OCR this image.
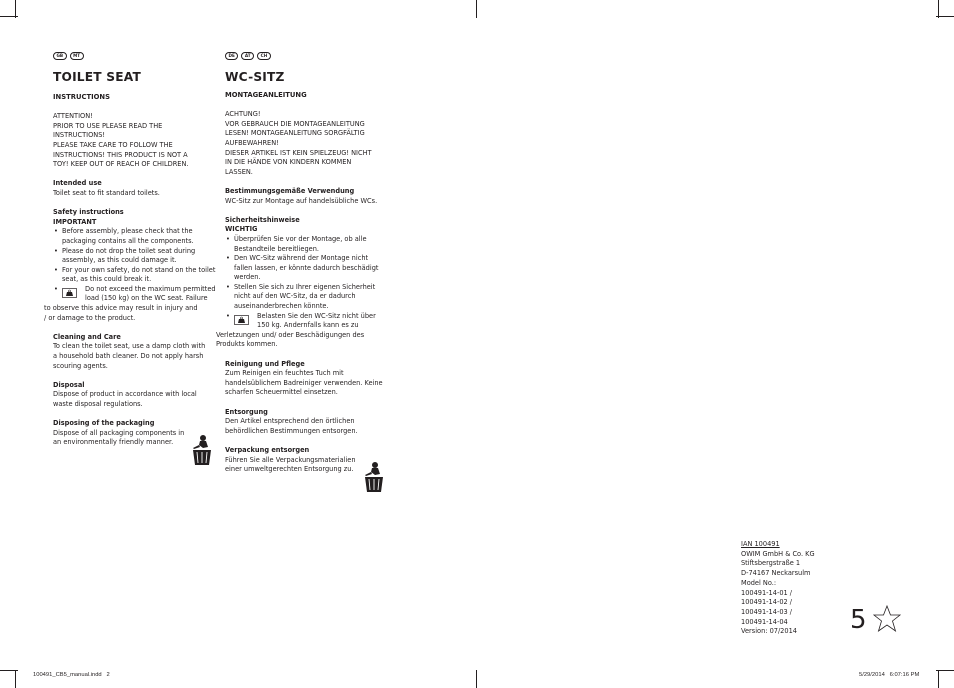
GB	MT
TOILET SEAT
INSTRUCTIONS

ATTENTION!

PRIOR TO USE PLEASE READ THE

INSTRUCTIONS!

PLEASE TAKE CARE TO FOLLOW THE

INSTRUCTIONS! THIS PRODUCT IS NOT A

TOY! KEEP OUT OF REACH OF CHILDREN.

Intended use

Toilet seat to fit standard toilets.

Safety instructions

IMPORTANT

• Before assembly, please check that the

packaging contains all the components.

• Please do not drop the toilet seat during

assembly, as this could damage it.

• For your own safety, do not stand on the toilet

seat, as this could break it.

• Do not exceed the maximum permitted

load (150 kg) on the WC seat. Failure

to observe this advice may result in injury and

/ or damage to the product.

Cleaning and Care

To clean the toilet seat, use a damp cloth with

a household bath cleaner. Do not apply harsh

scouring agents.

Disposal

Dispose of product in accordance with local

waste disposal regulations.

Disposing of the packaging

Dispose of all packaging components in

an environmentally friendly manner.

DE	AT	CH
WC-SITZ
MONTAGEANLEITUNG

ACHTUNG!

VOR GEBRAUCH DIE MONTAGEANLEITUNG

LESEN! MONTAGEANLEITUNG SORGFÄLTIG

AUFBEWAHREN!

DIESER ARTIKEL IST KEIN SPIELZEUG! NICHT

IN DIE HÄNDE VON KINDERN KOMMEN

LASSEN.

Bestimmungsgemäße Verwendung

WC-Sitz zur Montage auf handelsübliche WCs.

Sicherheitshinweise

WICHTIG

• Überprüfen Sie vor der Montage, ob alle

Bestandteile bereitliegen.

• Den WC-Sitz während der Montage nicht

fallen lassen, er könnte dadurch beschädigt

werden.

• Stellen Sie sich zu Ihrer eigenen Sicherheit

nicht auf den WC-Sitz, da er dadurch

auseinanderbrechen könnte.

• Belasten Sie den WC-Sitz nicht über

150 kg. Andernfalls kann es zu

Verletzungen und/ oder Beschädigungen des

Produkts kommen.

Reinigung und Pflege

Zum Reinigen ein feuchtes Tuch mit

handelsüblichem Badreiniger verwenden. Keine

scharfen Scheuermittel einsetzen.

Entsorgung

Den Artikel entsprechend den örtlichen

behördlichen Bestimmungen entsorgen.

Verpackung entsorgen

Führen Sie alle Verpackungsmaterialien

einer umweltgerechten Entsorgung zu.

IAN 100491

OWIM GmbH & Co. KG

Stiftsbergstraße 1

D-74167 Neckarsulm

Model No.:

100491-14-01 /

100491-14-02 /

100491-14-03 /

100491-14-04

Version: 07/2014	5
100491_CB5_manual.indd   2	5/29/2014   6:07:16 PM
